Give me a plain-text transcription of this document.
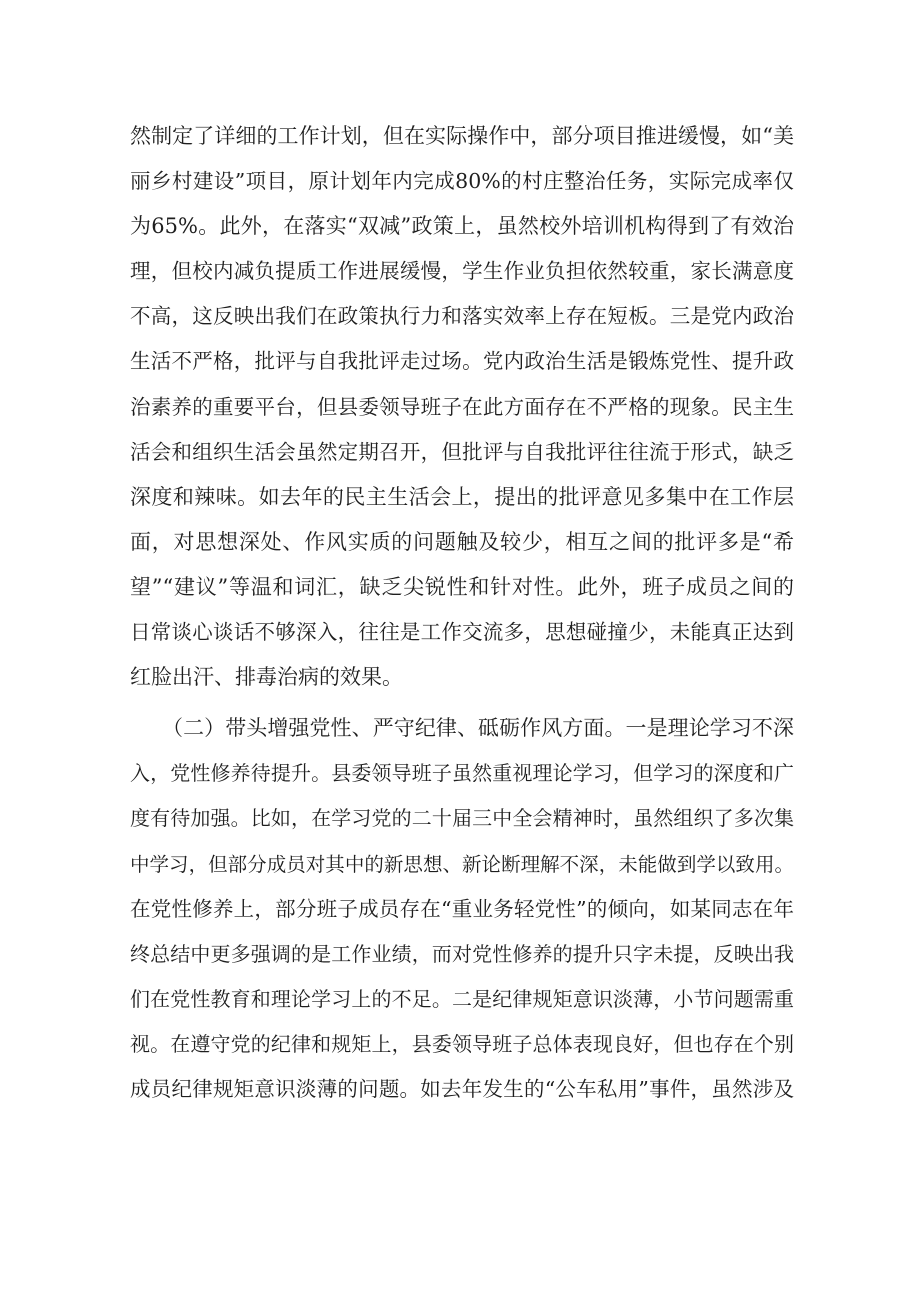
然制定了详细的工作计划，但在实际操作中，部分项目推进缓慢，如“美
丽乡村建设”项目，原计划年内完成80%的村庄整治任务，实际完成率仅
为65%。此外，在落实“双减”政策上，虽然校外培训机构得到了有效治
理，但校内减负提质工作进展缓慢，学生作业负担依然较重，家长满意度
不高，这反映出我们在政策执行力和落实效率上存在短板。三是党内政治
生活不严格，批评与自我批评走过场。党内政治生活是锻炼党性、提升政
治素养的重要平台，但县委领导班子在此方面存在不严格的现象。民主生
活会和组织生活会虽然定期召开，但批评与自我批评往往流于形式，缺乏
深度和辣味。如去年的民主生活会上，提出的批评意见多集中在工作层
面，对思想深处、作风实质的问题触及较少，相互之间的批评多是“希
望”“建议”等温和词汇，缺乏尖锐性和针对性。此外，班子成员之间的
日常谈心谈话不够深入，往往是工作交流多，思想碰撞少，未能真正达到
红脸出汗、排毒治病的效果。
（二）带头增强党性、严守纪律、砥砺作风方面。一是理论学习不深
入，党性修养待提升。县委领导班子虽然重视理论学习，但学习的深度和广
度有待加强。比如，在学习党的二十届三中全会精神时，虽然组织了多次集
中学习，但部分成员对其中的新思想、新论断理解不深，未能做到学以致用。
在党性修养上，部分班子成员存在“重业务轻党性”的倾向，如某同志在年
终总结中更多强调的是工作业绩，而对党性修养的提升只字未提，反映出我
们在党性教育和理论学习上的不足。二是纪律规矩意识淡薄，小节问题需重
视。在遵守党的纪律和规矩上，县委领导班子总体表现良好，但也存在个别
成员纪律规矩意识淡薄的问题。如去年发生的“公车私用”事件，虽然涉及
